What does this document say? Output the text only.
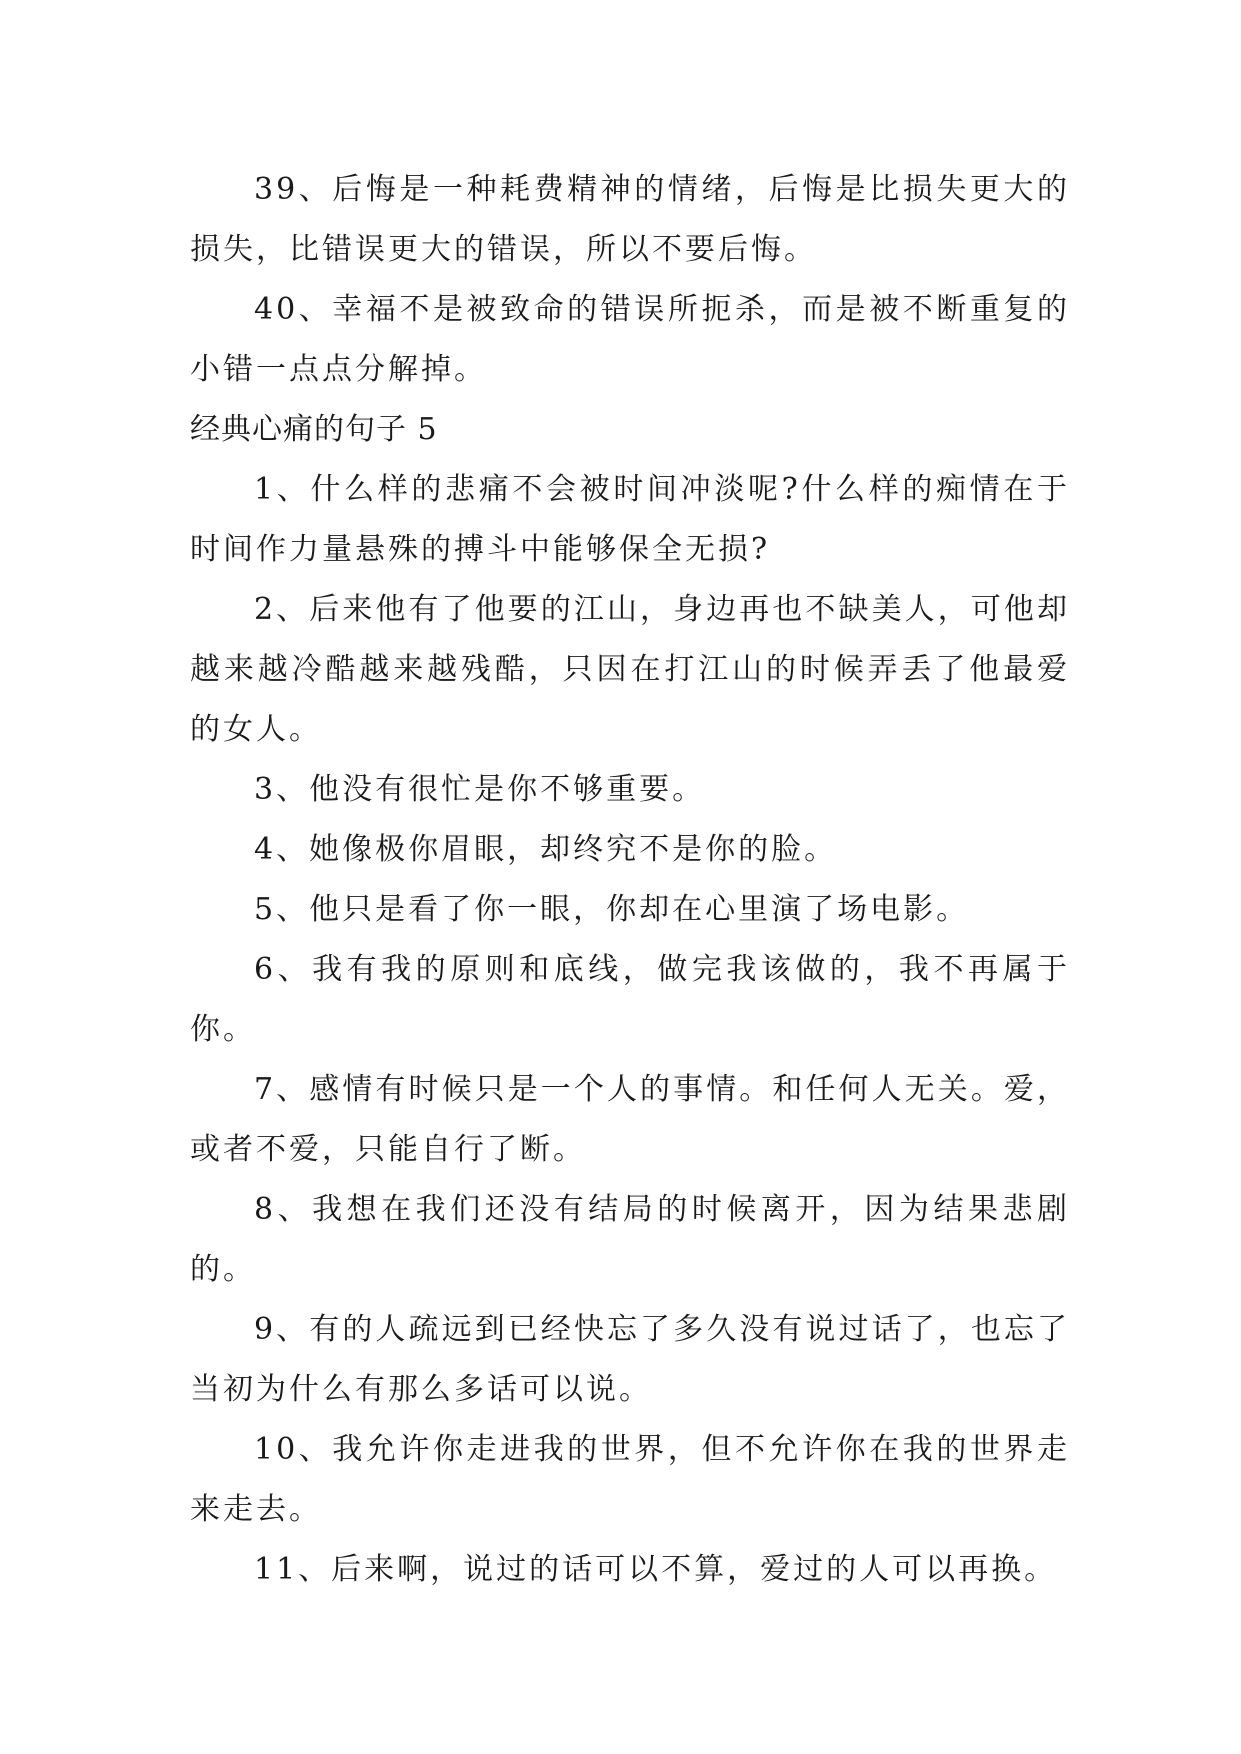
39、后悔是一种耗费精神的情绪，后悔是比损失更大的损失，比错误更大的错误，所以不要后悔。

40、幸福不是被致命的错误所扼杀，而是被不断重复的小错一点点分解掉。

经典心痛的句子 5

1、什么样的悲痛不会被时间冲淡呢?什么样的痴情在于时间作力量悬殊的搏斗中能够保全无损?

2、后来他有了他要的江山，身边再也不缺美人，可他却越来越冷酷越来越残酷，只因在打江山的时候弄丢了他最爱的女人。

3、他没有很忙是你不够重要。

4、她像极你眉眼，却终究不是你的脸。

5、他只是看了你一眼，你却在心里演了场电影。

6、我有我的原则和底线，做完我该做的，我不再属于你。

7、感情有时候只是一个人的事情。和任何人无关。爱，或者不爱，只能自行了断。

8、我想在我们还没有结局的时候离开，因为结果悲剧的。

9、有的人疏远到已经快忘了多久没有说过话了，也忘了当初为什么有那么多话可以说。

10、我允许你走进我的世界，但不允许你在我的世界走来走去。

11、后来啊，说过的话可以不算，爱过的人可以再换。
